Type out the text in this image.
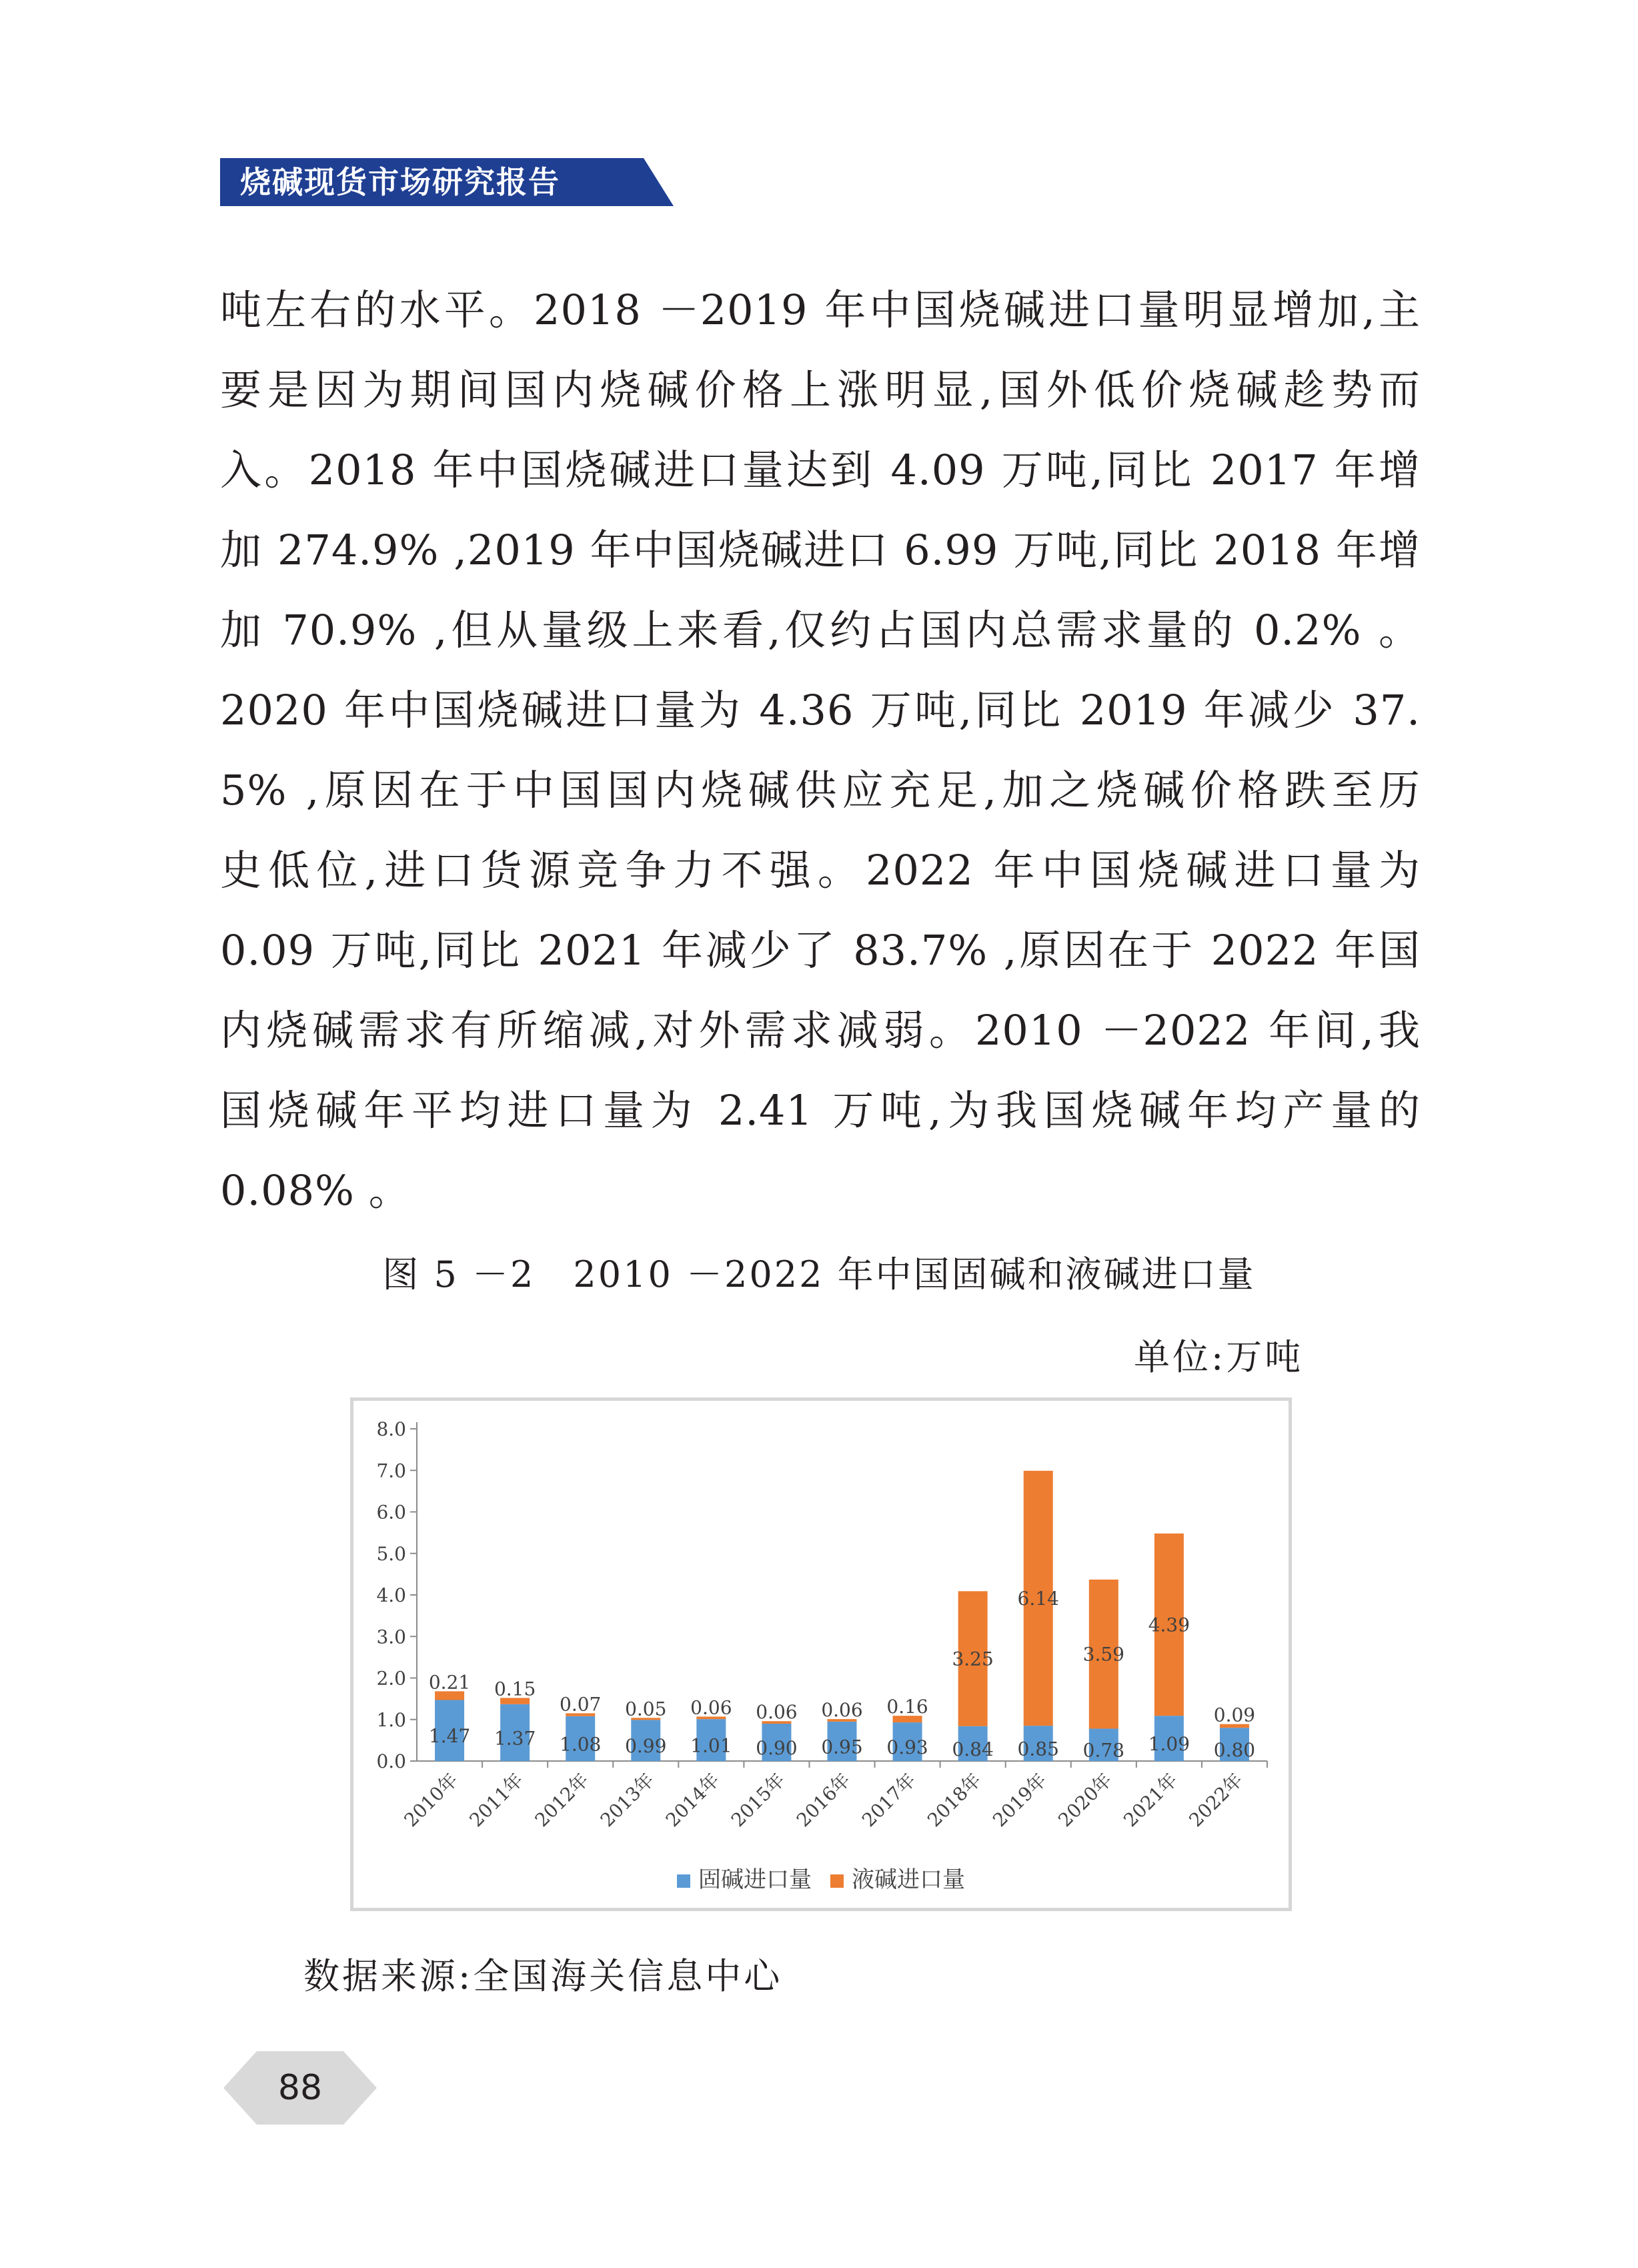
烧碱现货市场研究报告
吨左右的水平。2018 －2019 年中国烧碱进口量明显增加,主
要是因为期间国内烧碱价格上涨明显,国外低价烧碱趁势而
入。2018 年中国烧碱进口量达到 4.09 万吨,同比 2017 年增
加 274.9% ,2019 年中国烧碱进口 6.99 万吨,同比 2018 年增
加 70.9% ,但从量级上来看,仅约占国内总需求量的 0.2% 。
2020 年中国烧碱进口量为 4.36 万吨,同比 2019 年减少 37.
5% ,原因在于中国国内烧碱供应充足,加之烧碱价格跌至历
史低位,进口货源竞争力不强。2022 年中国烧碱进口量为
0.09 万吨,同比 2021 年减少了 83.7% ,原因在于 2022 年国
内烧碱需求有所缩减,对外需求减弱。2010 －2022 年间,我
国烧碱年平均进口量为 2.41 万吨,为我国烧碱年均产量的
0.08% 。
图 5 －2　2010 －2022 年中国固碱和液碱进口量
单位:万吨
0.0
1.0
2.0
3.0
4.0
5.0
6.0
7.0
8.0
1.47
0.21
2010年
1.37
0.15
2011年
1.08
0.07
2012年
0.99
0.05
2013年
1.01
0.06
2014年
0.90
0.06
2015年
0.95
0.06
2016年
0.93
0.16
2017年
0.84
3.25
2018年
0.85
6.14
2019年
0.78
3.59
2020年
1.09
4.39
2021年
0.80
0.09
2022年
固碱进口量 液碱进口量
数据来源:全国海关信息中心
88
